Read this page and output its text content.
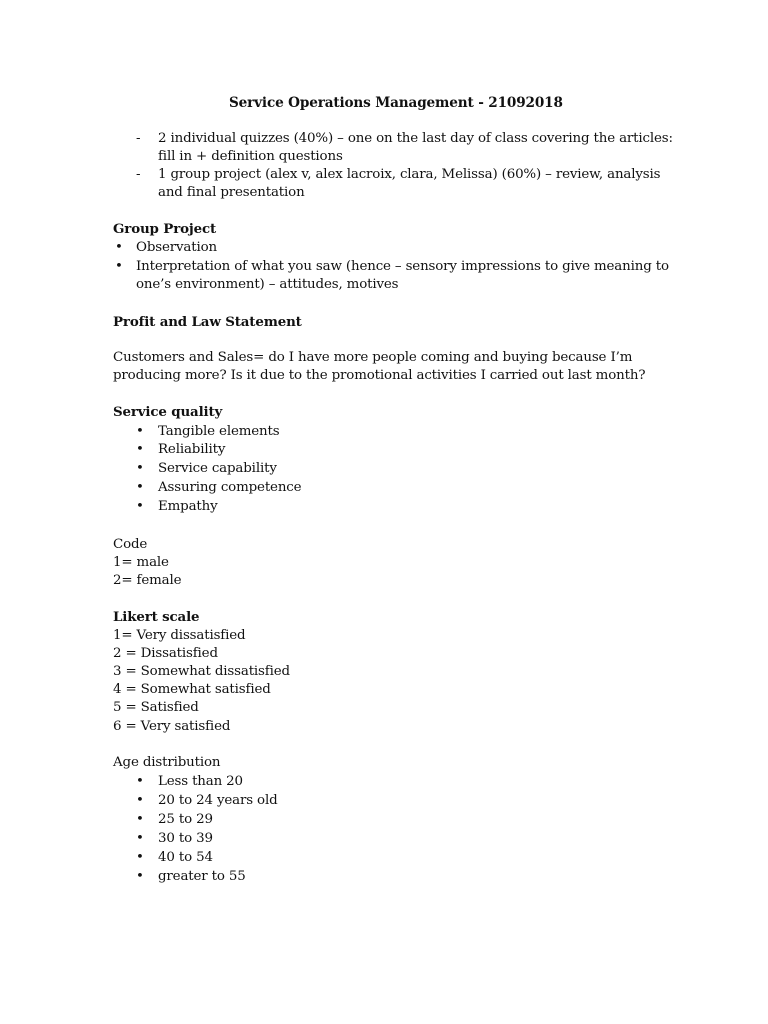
Service Operations Management - 21092018
- 2 individual quizzes (40%) – one on the last day of class covering the articles:
fill in + definition questions
- 1 group project (alex v, alex lacroix, clara, Melissa) (60%) – review, analysis
and final presentation
Group Project
• Observation
• Interpretation of what you saw (hence – sensory impressions to give meaning to
one’s environment) – attitudes, motives
Profit and Law Statement
Customers and Sales= do I have more people coming and buying because I’m
producing more? Is it due to the promotional activities I carried out last month?
Service quality
• Tangible elements
• Reliability
• Service capability
• Assuring competence
• Empathy
Code
1= male
2= female
Likert scale
1= Very dissatisfied
2 = Dissatisfied
3 = Somewhat dissatisfied
4 = Somewhat satisfied
5 = Satisfied
6 = Very satisfied
Age distribution
• Less than 20
• 20 to 24 years old
• 25 to 29
• 30 to 39
• 40 to 54
• greater to 55
